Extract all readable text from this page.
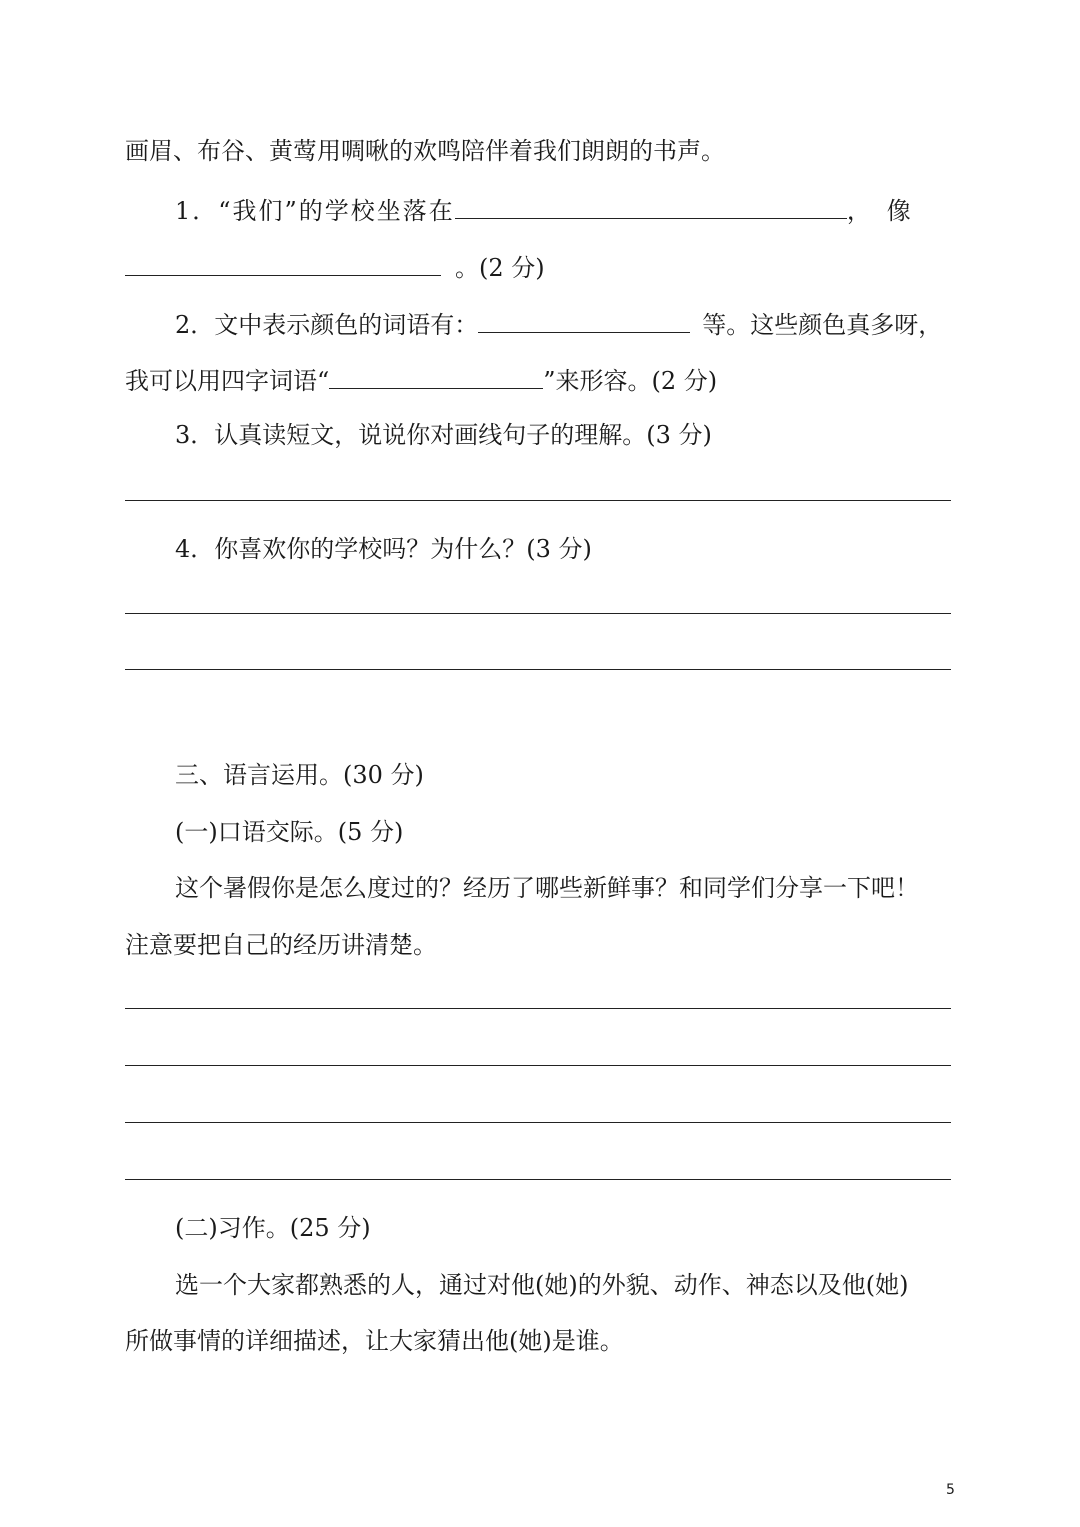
画眉、布谷、黄莺用啁啾的欢鸣陪伴着我们朗朗的书声。
1．“我们”的学校坐落在	，像
。(2 分)
2．文中表示颜色的词语有：	等。这些颜色真多呀，
我可以用四字词语“	”来形容。(2 分)
3．认真读短文，说说你对画线句子的理解。(3 分)
4．你喜欢你的学校吗？为什么？(3 分)
三、语言运用。(30 分)
(一)口语交际。(5 分)
这个暑假你是怎么度过的？经历了哪些新鲜事？和同学们分享一下吧！
注意要把自己的经历讲清楚。
(二)习作。(25 分)
选一个大家都熟悉的人，通过对他(她)的外貌、动作、神态以及他(她)
所做事情的详细描述，让大家猜出他(她)是谁。
5
